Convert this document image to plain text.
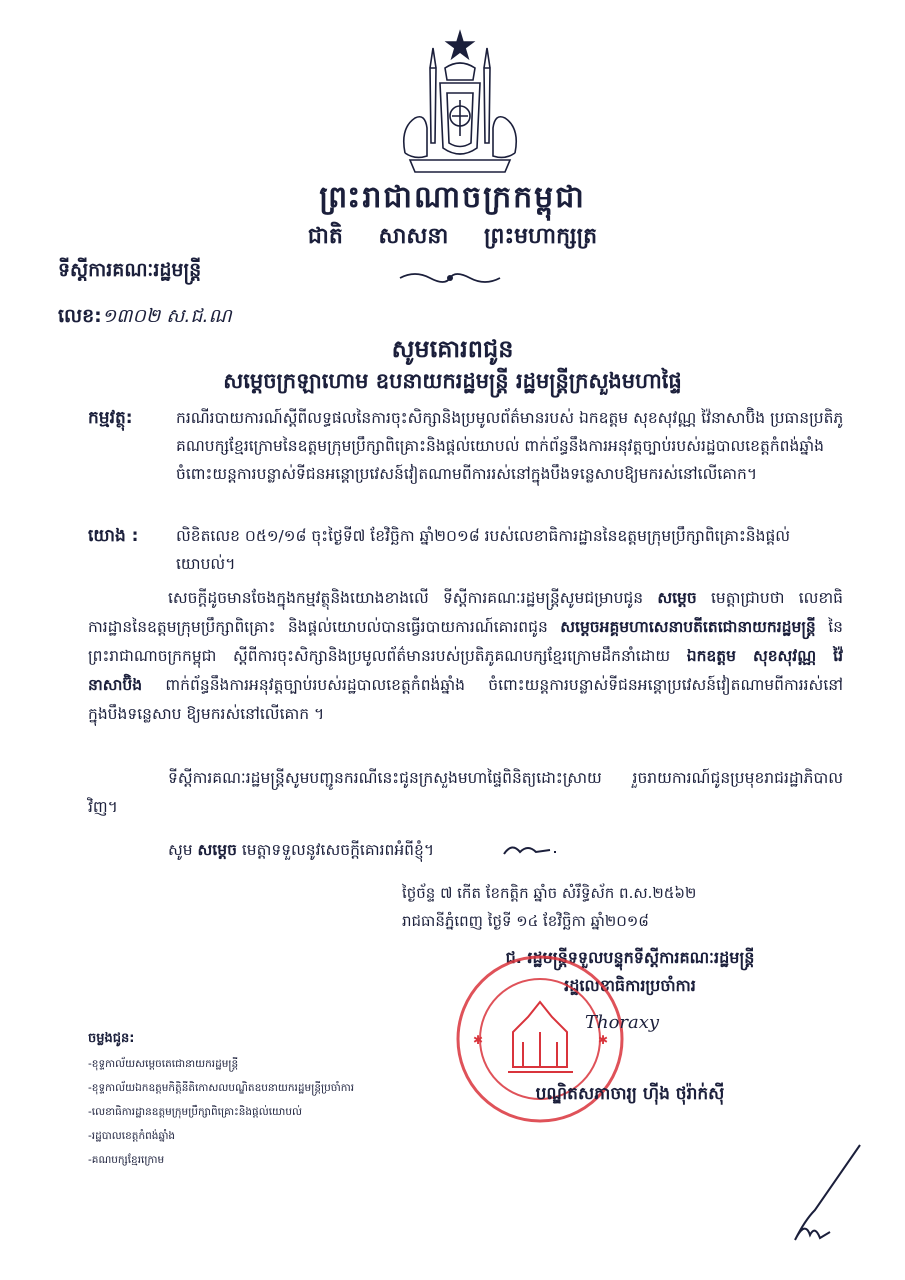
ព្រះរាជាណាចក្រកម្ពុជា
ជាតិ សាសនា ព្រះមហាក្សត្រ
ទីស្តីការគណៈរដ្ឋមន្ត្រី
លេខ:១៣០២ ស.ជ.ណ
សូមគោរពជូន
សម្តេចក្រឡាហោម ឧបនាយករដ្ឋមន្ត្រី រដ្ឋមន្ត្រីក្រសួងមហាផ្ទៃ
កម្មវត្ថុ:	ករណីរបាយការណ៍ស្តីពីលទ្ធផលនៃការចុះសិក្សានិងប្រមូលព័ត៌មានរបស់ ឯកឧត្តម សុខសុវណ្ណ វ៉ៃនាសាប៊ិង ប្រធានប្រតិភូគណបក្សខ្មែរក្រោមនៃឧត្តមក្រុមប្រឹក្សាពិគ្រោះនិងផ្តល់យោបល់ ពាក់ព័ន្ធនឹងការអនុវត្តច្បាប់របស់រដ្ឋបាលខេត្តកំពង់ឆ្នាំង ចំពោះយន្តការបន្លាស់ទីជនអន្តោប្រវេសន៍វៀតណាមពីការរស់នៅក្នុងបឹងទន្លេសាបឱ្យមករស់នៅលើគោក។
យោង : លិខិតលេខ ០៥១/១៨ ចុះថ្ងៃទី៧ ខែវិច្ឆិកា ឆ្នាំ២០១៨ របស់លេខាធិការដ្ឋាននៃឧត្តមក្រុមប្រឹក្សាពិគ្រោះនិងផ្តល់យោបល់។
សេចក្តីដូចមានចែងក្នុងកម្មវត្ថុនិងយោងខាងលើ ទីស្តីការគណៈរដ្ឋមន្ត្រីសូមជម្រាបជូន សម្តេច មេត្តាជ្រាបថា លេខាធិការដ្ឋាននៃឧត្តមក្រុមប្រឹក្សាពិគ្រោះ និងផ្តល់យោបល់បានធ្វើរបាយការណ៍គោរពជូន សម្តេចអគ្គមហាសេនាបតីតេជោនាយករដ្ឋមន្ត្រី នៃព្រះរាជាណាចក្រកម្ពុជា ស្តីពីការចុះសិក្សានិងប្រមូលព័ត៌មានរបស់ប្រតិភូគណបក្សខ្មែរក្រោមដឹកនាំដោយ ឯកឧត្តម សុខសុវណ្ណ វ៉ៃនាសាប៊ិង ពាក់ព័ន្ធនឹងការអនុវត្តច្បាប់របស់រដ្ឋបាលខេត្តកំពង់ឆ្នាំង ចំពោះយន្តការបន្លាស់ទីជនអន្តោប្រវេសន៍វៀតណាមពីការរស់នៅក្នុងបឹងទន្លេសាប ឱ្យមករស់នៅលើគោក ។
ទីស្តីការគណៈរដ្ឋមន្ត្រីសូមបញ្ជូនករណីនេះជូនក្រសួងមហាផ្ទៃពិនិត្យដោះស្រាយ រួចរាយការណ៍ជូនប្រមុខរាជរដ្ឋាភិបាលវិញ។
សូម សម្តេច មេត្តាទទួលនូវសេចក្តីគោរពអំពីខ្ញុំ។
ថ្ងៃច័ន្ទ ៧ កើត ខែកត្តិក ឆ្នាំច សំរឹទ្ធិស័ក ព.ស.២៥៦២
រាជធានីភ្នំពេញ ថ្ងៃទី ១៤ ខែវិច្ឆិកា ឆ្នាំ២០១៨
ជ. រដ្ឋមន្ត្រីទទួលបន្ទុកទីស្តីការគណៈរដ្ឋមន្ត្រី
រដ្ឋលេខាធិការប្រចាំការ
✱	✱
Thoraxy
បណ្ឌិតសភាចារ្យ ហ៊ីង ថុរ៉ាក់ស៊ី
ចម្លងជូន:
-ខុទ្ទកាល័យសម្តេចតេជោនាយករដ្ឋមន្ត្រី
-ខុទ្ទកាល័យឯកឧត្តមកិត្តិនីតិកោសលបណ្ឌិតឧបនាយករដ្ឋមន្ត្រីប្រចាំការ
-លេខាធិការដ្ឋានឧត្តមក្រុមប្រឹក្សាពិគ្រោះនិងផ្តល់យោបល់
-រដ្ឋបាលខេត្តកំពង់ឆ្នាំង
-គណបក្សខ្មែរក្រោម
